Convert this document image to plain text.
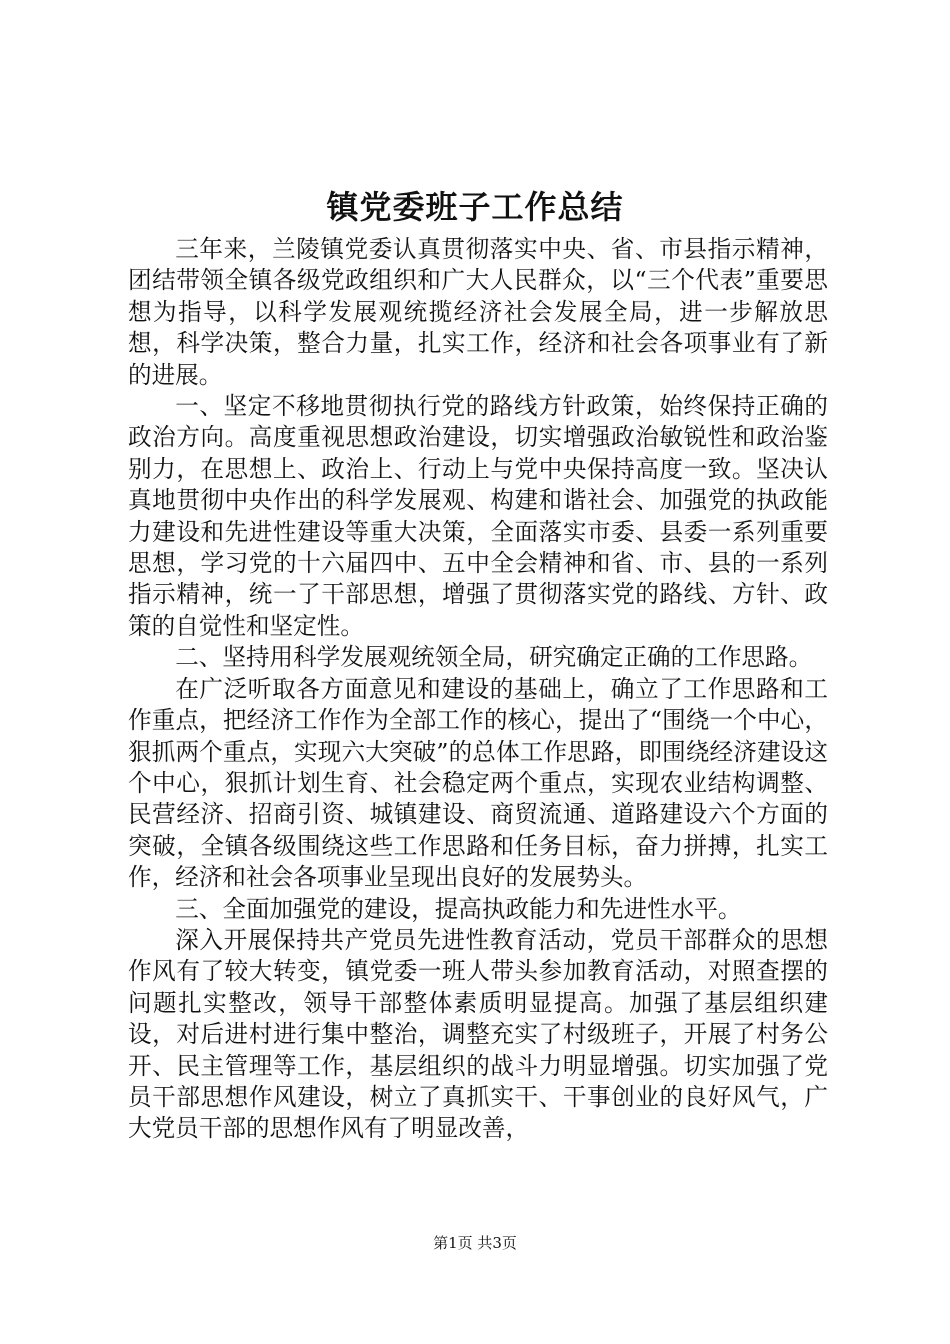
镇党委班子工作总结

三年来，兰陵镇党委认真贯彻落实中央、省、市县指示精神，团结带领全镇各级党政组织和广大人民群众，以“三个代表”重要思想为指导，以科学发展观统揽经济社会发展全局，进一步解放思想，科学决策，整合力量，扎实工作，经济和社会各项事业有了新的进展。

一、坚定不移地贯彻执行党的路线方针政策，始终保持正确的政治方向。高度重视思想政治建设，切实增强政治敏锐性和政治鉴别力，在思想上、政治上、行动上与党中央保持高度一致。坚决认真地贯彻中央作出的科学发展观、构建和谐社会、加强党的执政能力建设和先进性建设等重大决策，全面落实市委、县委一系列重要思想，学习党的十六届四中、五中全会精神和省、市、县的一系列指示精神，统一了干部思想，增强了贯彻落实党的路线、方针、政策的自觉性和坚定性。

二、坚持用科学发展观统领全局，研究确定正确的工作思路。

在广泛听取各方面意见和建设的基础上，确立了工作思路和工作重点，把经济工作作为全部工作的核心，提出了“围绕一个中心，狠抓两个重点，实现六大突破”的总体工作思路，即围绕经济建设这个中心，狠抓计划生育、社会稳定两个重点，实现农业结构调整、民营经济、招商引资、城镇建设、商贸流通、道路建设六个方面的突破，全镇各级围绕这些工作思路和任务目标，奋力拼搏，扎实工作，经济和社会各项事业呈现出良好的发展势头。

三、全面加强党的建设，提高执政能力和先进性水平。

深入开展保持共产党员先进性教育活动，党员干部群众的思想作风有了较大转变，镇党委一班人带头参加教育活动，对照查摆的问题扎实整改，领导干部整体素质明显提高。加强了基层组织建设，对后进村进行集中整治，调整充实了村级班子，开展了村务公开、民主管理等工作，基层组织的战斗力明显增强。切实加强了党员干部思想作风建设，树立了真抓实干、干事创业的良好风气，广大党员干部的思想作风有了明显改善，

第1页 共3页
